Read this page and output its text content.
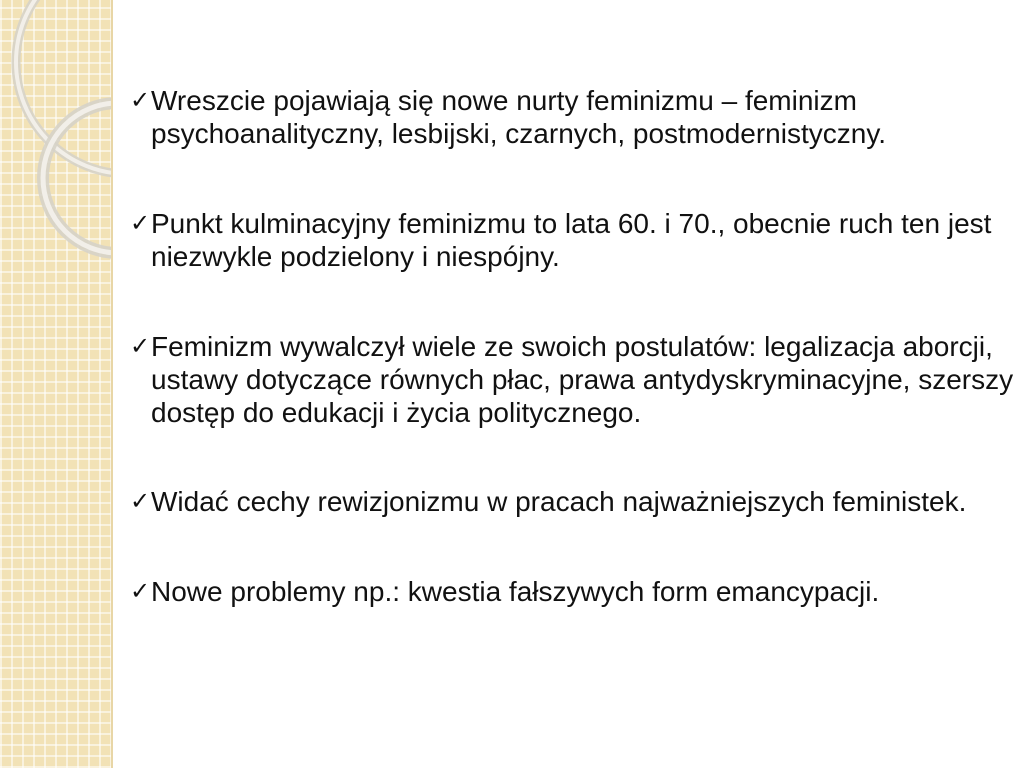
✓ Wreszcie pojawiają się nowe nurty feminizmu – feminizm psychoanalityczny, lesbijski, czarnych, postmodernistyczny.
✓ Punkt kulminacyjny feminizmu to lata 60. i 70., obecnie ruch ten jest niezwykle podzielony i niespójny.
✓ Feminizm wywalczył wiele ze swoich postulatów: legalizacja aborcji, ustawy dotyczące równych płac, prawa antydyskryminacyjne, szerszy dostęp do edukacji i życia politycznego.
✓ Widać cechy rewizjonizmu w pracach najważniejszych feministek.
✓ Nowe problemy np.: kwestia fałszywych form emancypacji.
